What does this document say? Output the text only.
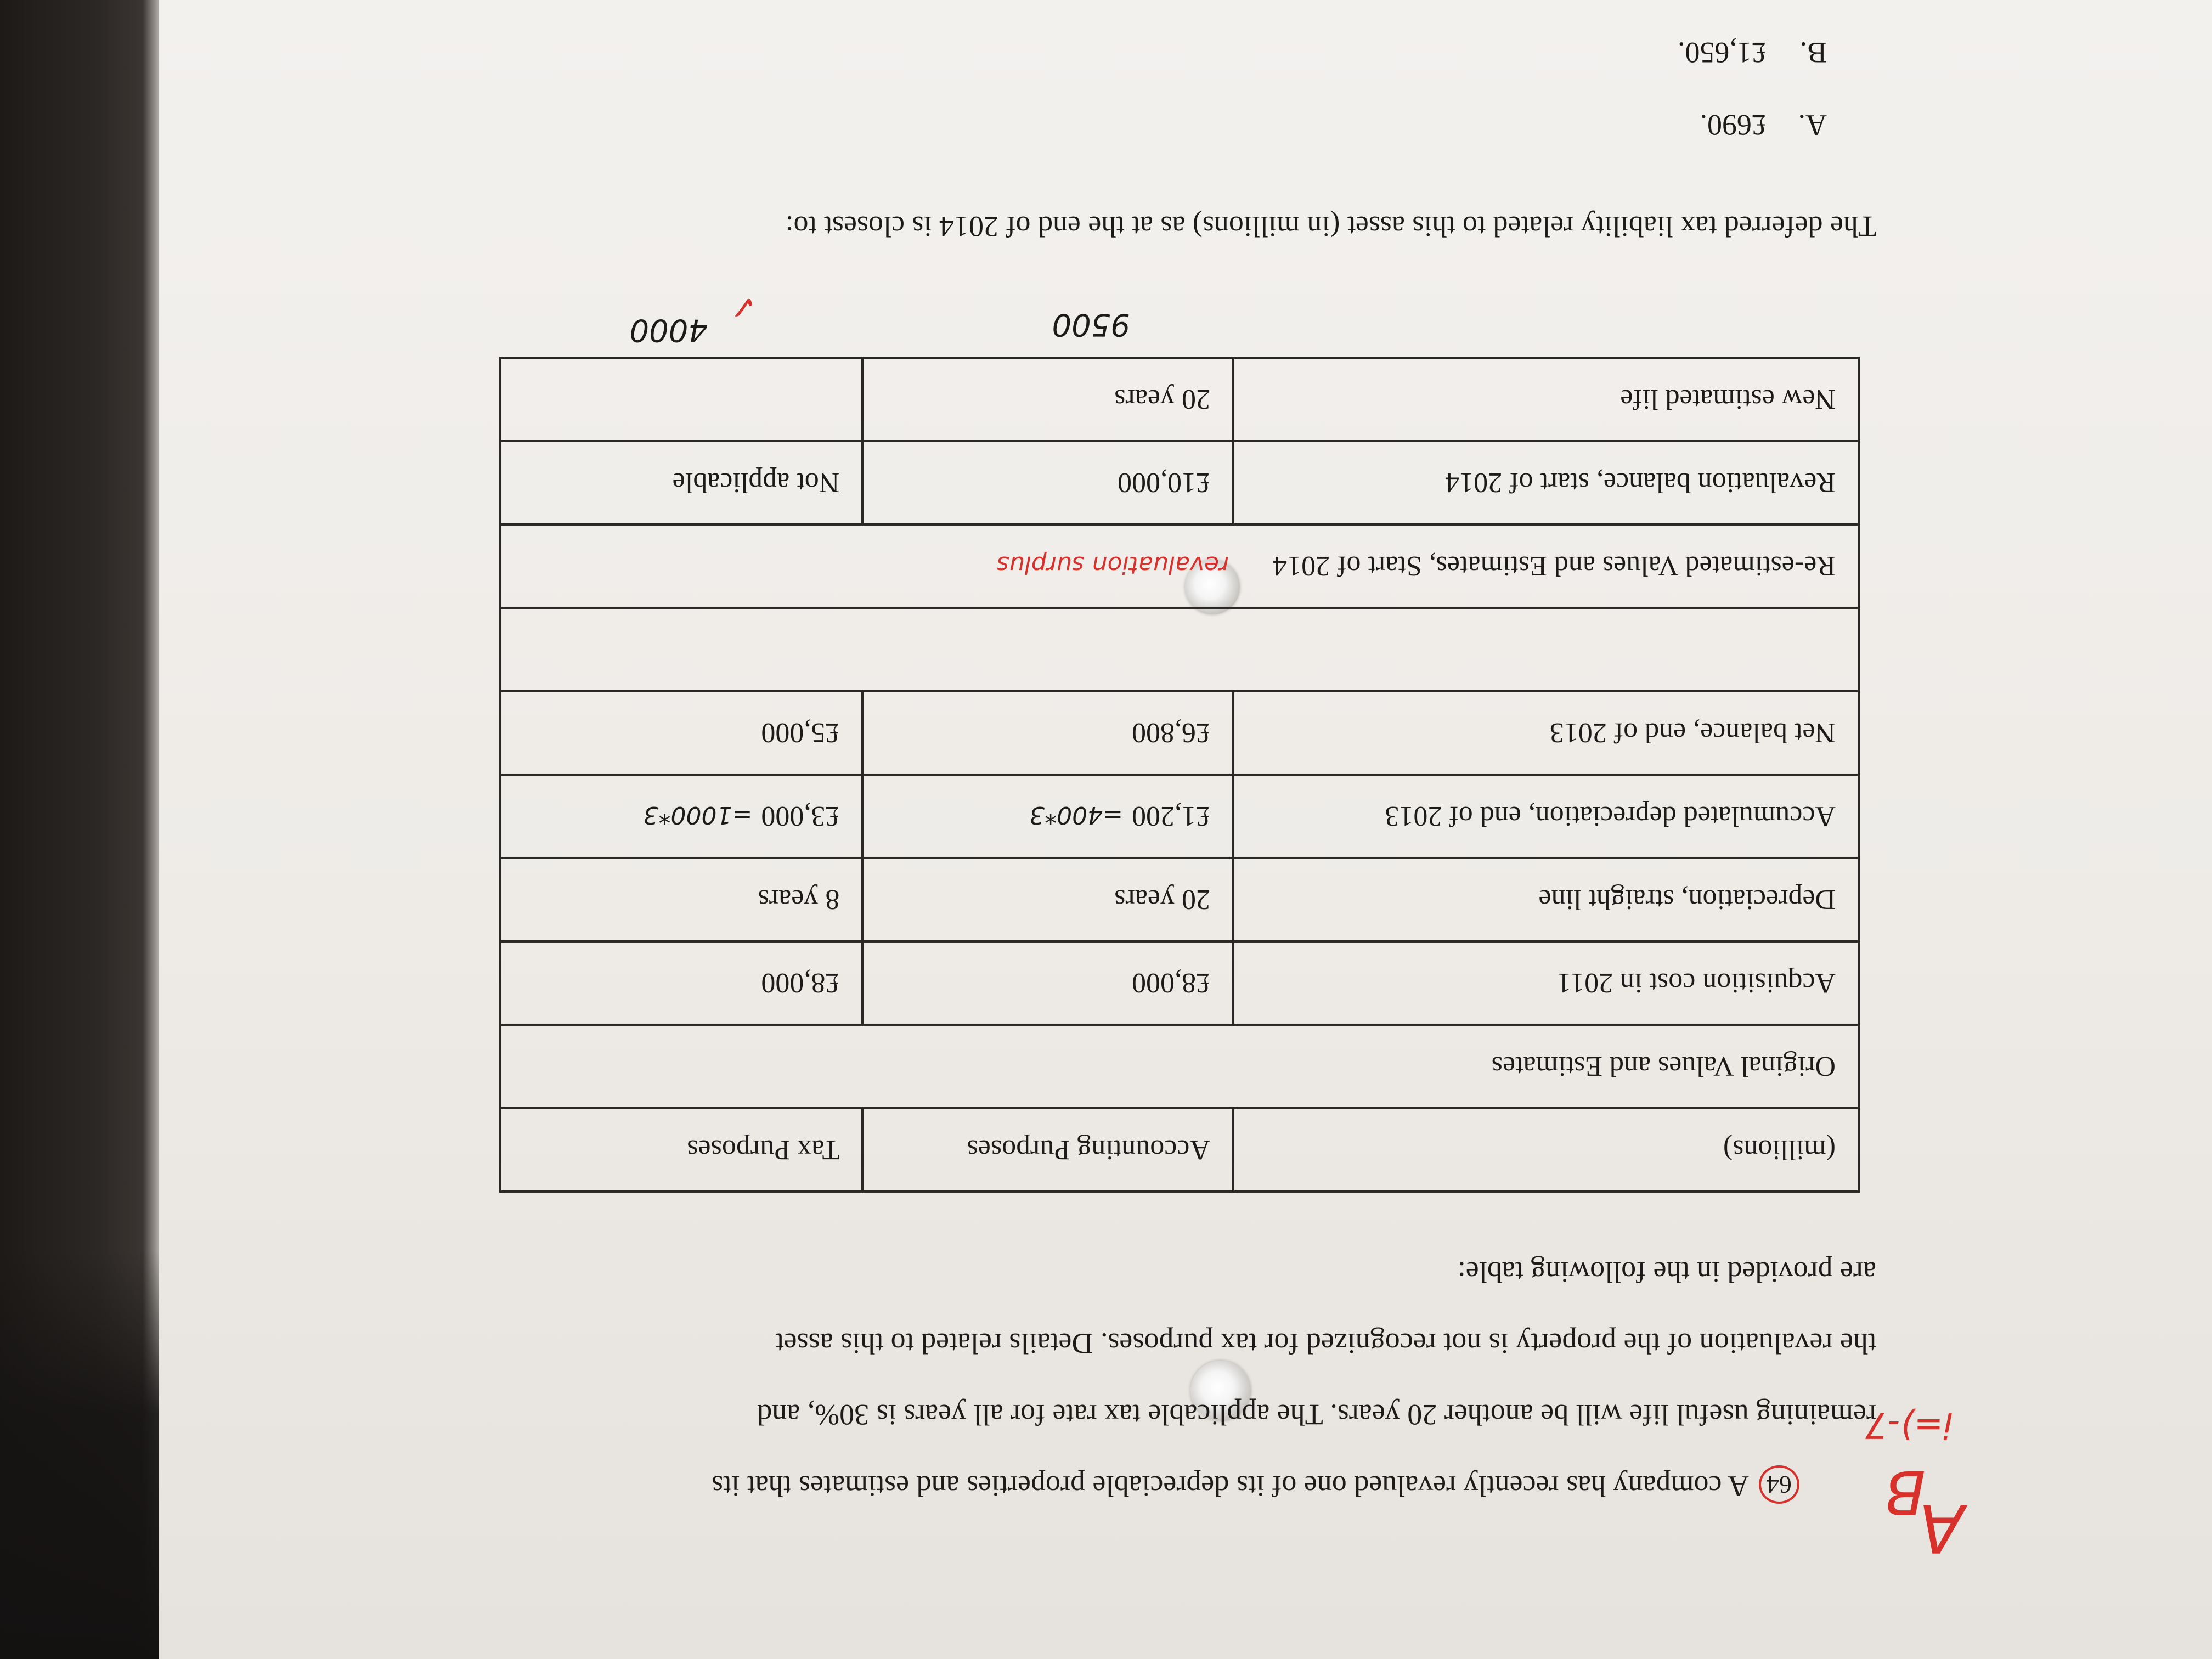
A
B
i=)-7
64A company has recently revalued one of its depreciable properties and estimates that its
remaining useful life will be another 20 years. The applicable tax rate for all years is 30%, and
the revaluation of the property is not recognized for tax purposes. Details related to this asset
are provided in the following table:
(millions)	Accounting Purposes	Tax Purposes
Original Values and Estimates		
Acquisition cost in 2011	£8,000	£8,000
Depreciation, straight line	20 years	8 years
Accumulated depreciation, end of 2013	£1,200=400*3	£3,000=1000*3
Net balance, end of 2013	£6,800	£5,000

Re-estimated Values and Estimates, Start of 2014revaluation surplus		
Revaluation balance, start of 2014	£10,000	Not applicable
New estimated life	20 years	
9500
✓
4000
The deferred tax liability related to this asset (in millions) as at the end of 2014 is closest to:
A.£690.
B.£1,650.
